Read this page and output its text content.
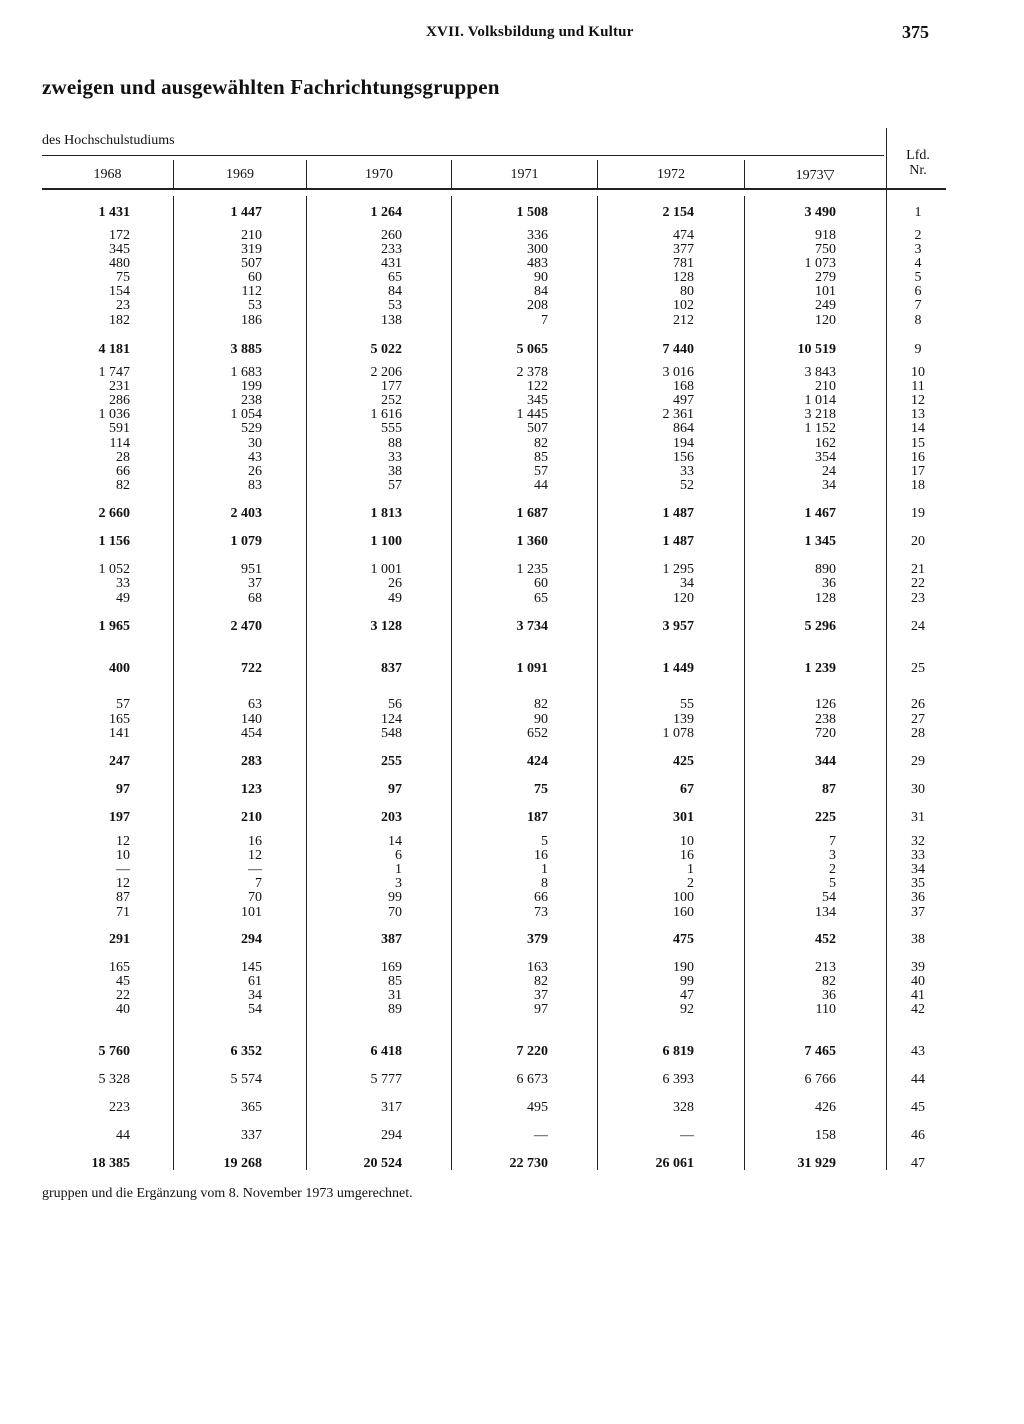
XVII. Volksbildung und Kultur	375
zweigen und ausgewählten Fachrichtungsgruppen
des Hochschulstudiums
1968	1969	1970	1971	1972	1973▽
Lfd.
Nr.
1 431	1 447	1 264	1 508	2 154	3 490	1
172	210	260	336	474	918	2
345	319	233	300	377	750	3
480	507	431	483	781	1 073	4
75	60	65	90	128	279	5
154	112	84	84	80	101	6
23	53	53	208	102	249	7
182	186	138	7	212	120	8
4 181	3 885	5 022	5 065	7 440	10 519	9
1 747	1 683	2 206	2 378	3 016	3 843	10
231	199	177	122	168	210	11
286	238	252	345	497	1 014	12
1 036	1 054	1 616	1 445	2 361	3 218	13
591	529	555	507	864	1 152	14
114	30	88	82	194	162	15
28	43	33	85	156	354	16
66	26	38	57	33	24	17
82	83	57	44	52	34	18
2 660	2 403	1 813	1 687	1 487	1 467	19
1 156	1 079	1 100	1 360	1 487	1 345	20
1 052	951	1 001	1 235	1 295	890	21
33	37	26	60	34	36	22
49	68	49	65	120	128	23
1 965	2 470	3 128	3 734	3 957	5 296	24
400	722	837	1 091	1 449	1 239	25
57	63	56	82	55	126	26
165	140	124	90	139	238	27
141	454	548	652	1 078	720	28
247	283	255	424	425	344	29
97	123	97	75	67	87	30
197	210	203	187	301	225	31
12	16	14	5	10	7	32
10	12	6	16	16	3	33
—	—	1	1	1	2	34
12	7	3	8	2	5	35
87	70	99	66	100	54	36
71	101	70	73	160	134	37
291	294	387	379	475	452	38
165	145	169	163	190	213	39
45	61	85	82	99	82	40
22	34	31	37	47	36	41
40	54	89	97	92	110	42
5 760	6 352	6 418	7 220	6 819	7 465	43
5 328	5 574	5 777	6 673	6 393	6 766	44
223	365	317	495	328	426	45
44	337	294	—	—	158	46
18 385	19 268	20 524	22 730	26 061	31 929	47
gruppen und die Ergänzung vom 8. November 1973 umgerechnet.
